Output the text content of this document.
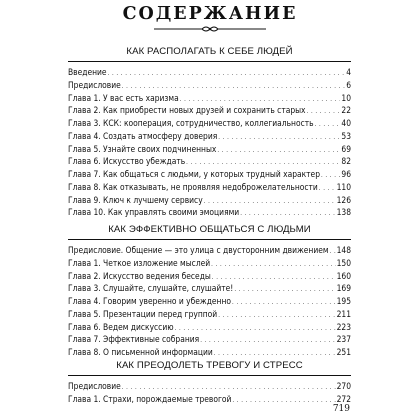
СОДЕРЖАНИЕ
КАК РАСПОЛАГАТЬ К СЕБЕ ЛЮДЕЙ
Введение . . .	4
Предисловие . . .	6
Глава 1. У вас есть харизма . . .	10
Глава 2. Как приобрести новых друзей и сохранить старых . . .	22
Глава 3. КСК: кооперация, сотрудничество, коллегиальность . . .	40
Глава 4. Создать атмосферу доверия . . .	53
Глава 5. Узнайте своих подчиненных . . .	69
Глава 6. Искусство убеждать . . .	82
Глава 7. Как общаться с людьми, у которых трудный характер . . .	96
Глава 8. Как отказывать, не проявляя недоброжелательности . . . 110
Глава 9. Ключ к лучшему сервису . . .	126
Глава 10. Как управлять своими эмоциями . . .	138
КАК ЭФФЕКТИВНО ОБЩАТЬСЯ С ЛЮДЬМИ
Предисловие. Общение — это улица с двусторонним движением . . . 148
Глава 1. Четкое изложение мыслей . . .	150
Глава 2. Искусство ведения беседы . . .	160
Глава 3. Слушайте, слушайте, слушайте! . . .	169
Глава 4. Говорим уверенно и убежденно . . .	195
Глава 5. Презентации перед группой . . .	211
Глава 6. Ведем дискуссию . . .	223
Глава 7. Эффективные собрания . . .	237
Глава 8. О письменной информации . . .	251
КАК ПРЕОДОЛЕТЬ ТРЕВОГУ И СТРЕСС
Предисловие . . .	270
Глава 1. Страхи, порождаемые тревогой . . .	272
719
